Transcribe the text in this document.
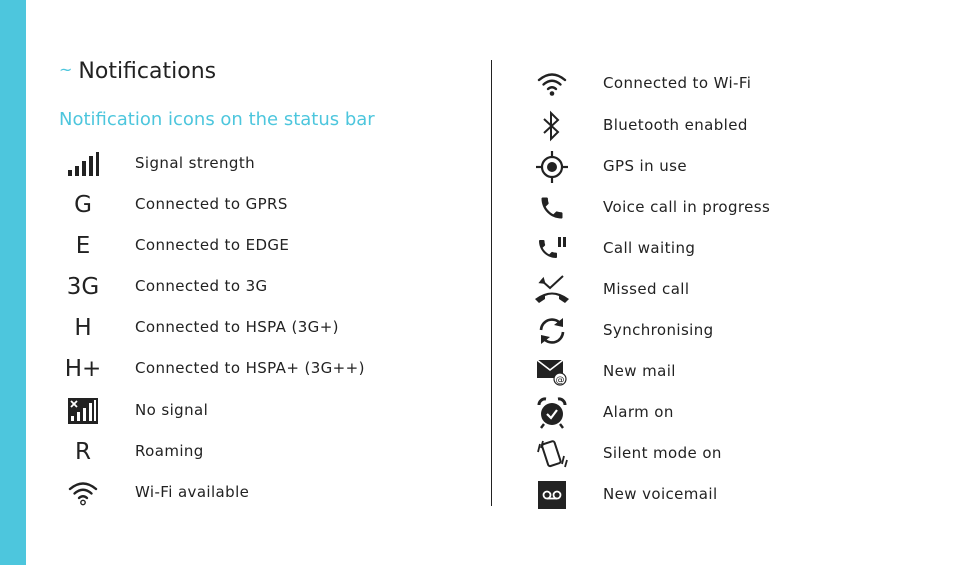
~ Notifications
Notification icons on the status bar
Signal strength
G	Connected to GPRS
E	Connected to EDGE
3G Connected to 3G
H	Connected to HSPA (3G+)
H+ Connected to HSPA+ (3G++)
No signal
R	Roaming
Wi-Fi available
Connected to Wi-Fi
Bluetooth enabled
GPS in use
Voice call in progress
Call waiting
Missed call
Synchronising
@
New mail
Alarm on
Silent mode on
New voicemail
